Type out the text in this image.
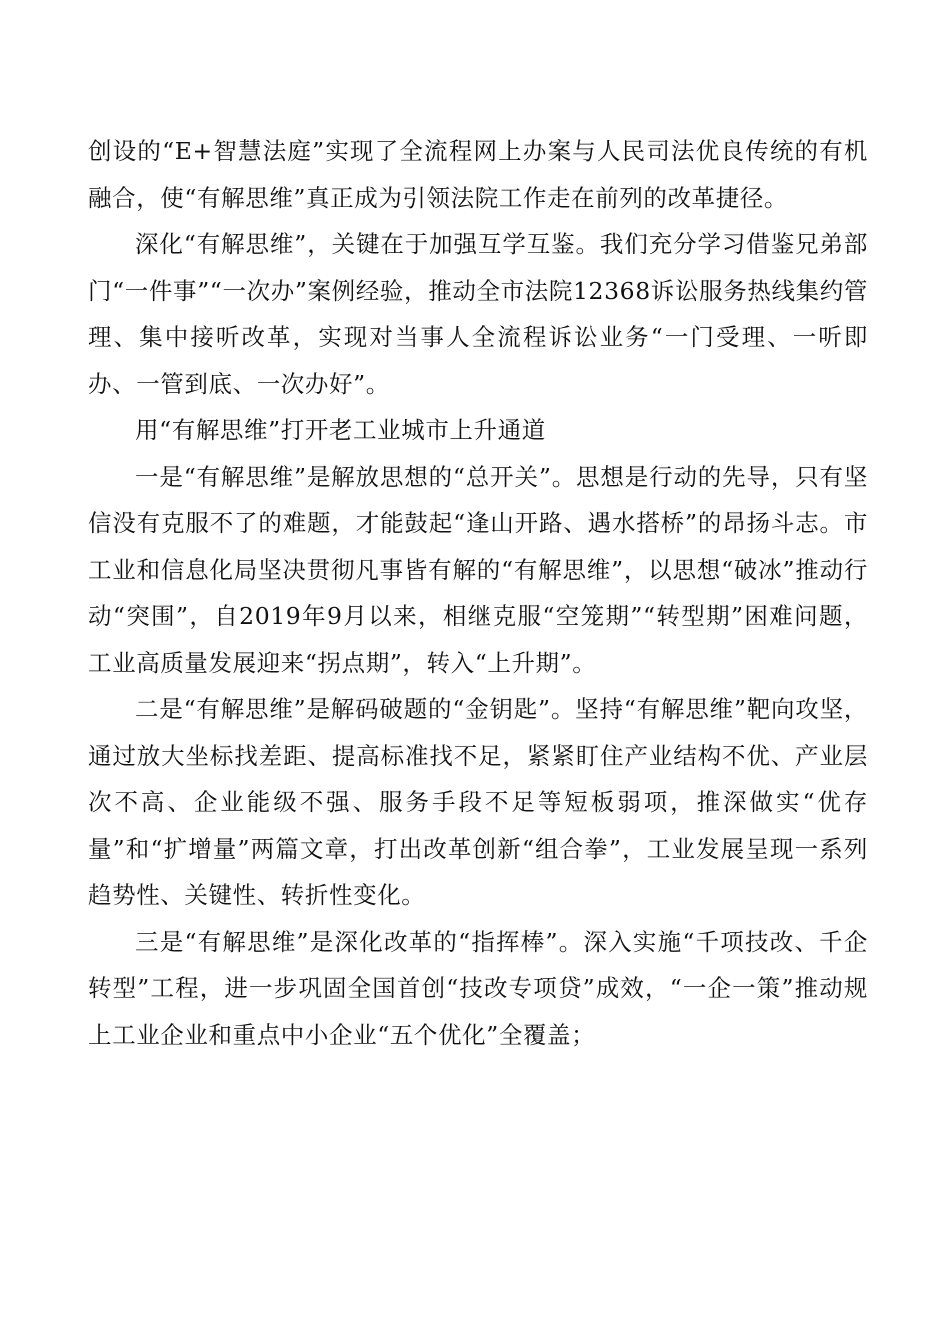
创设的“E+智慧法庭”实现了全流程网上办案与人民司法优良传统的有机融合，使“有解思维”真正成为引领法院工作走在前列的改革捷径。

深化“有解思维”，关键在于加强互学互鉴。我们充分学习借鉴兄弟部门“一件事”“一次办”案例经验，推动全市法院12368诉讼服务热线集约管理、集中接听改革，实现对当事人全流程诉讼业务“一门受理、一听即办、一管到底、一次办好”。

用“有解思维”打开老工业城市上升通道

一是“有解思维”是解放思想的“总开关”。思想是行动的先导，只有坚信没有克服不了的难题，才能鼓起“逢山开路、遇水搭桥”的昂扬斗志。市工业和信息化局坚决贯彻凡事皆有解的“有解思维”，以思想“破冰”推动行动“突围”，自2019年9月以来，相继克服“空笼期”“转型期”困难问题，工业高质量发展迎来“拐点期”，转入“上升期”。

二是“有解思维”是解码破题的“金钥匙”。坚持“有解思维”靶向攻坚，通过放大坐标找差距、提高标准找不足，紧紧盯住产业结构不优、产业层次不高、企业能级不强、服务手段不足等短板弱项，推深做实“优存量”和“扩增量”两篇文章，打出改革创新“组合拳”，工业发展呈现一系列趋势性、关键性、转折性变化。

三是“有解思维”是深化改革的“指挥棒”。深入实施“千项技改、千企转型”工程，进一步巩固全国首创“技改专项贷”成效，“一企一策”推动规上工业企业和重点中小企业“五个优化”全覆盖；
